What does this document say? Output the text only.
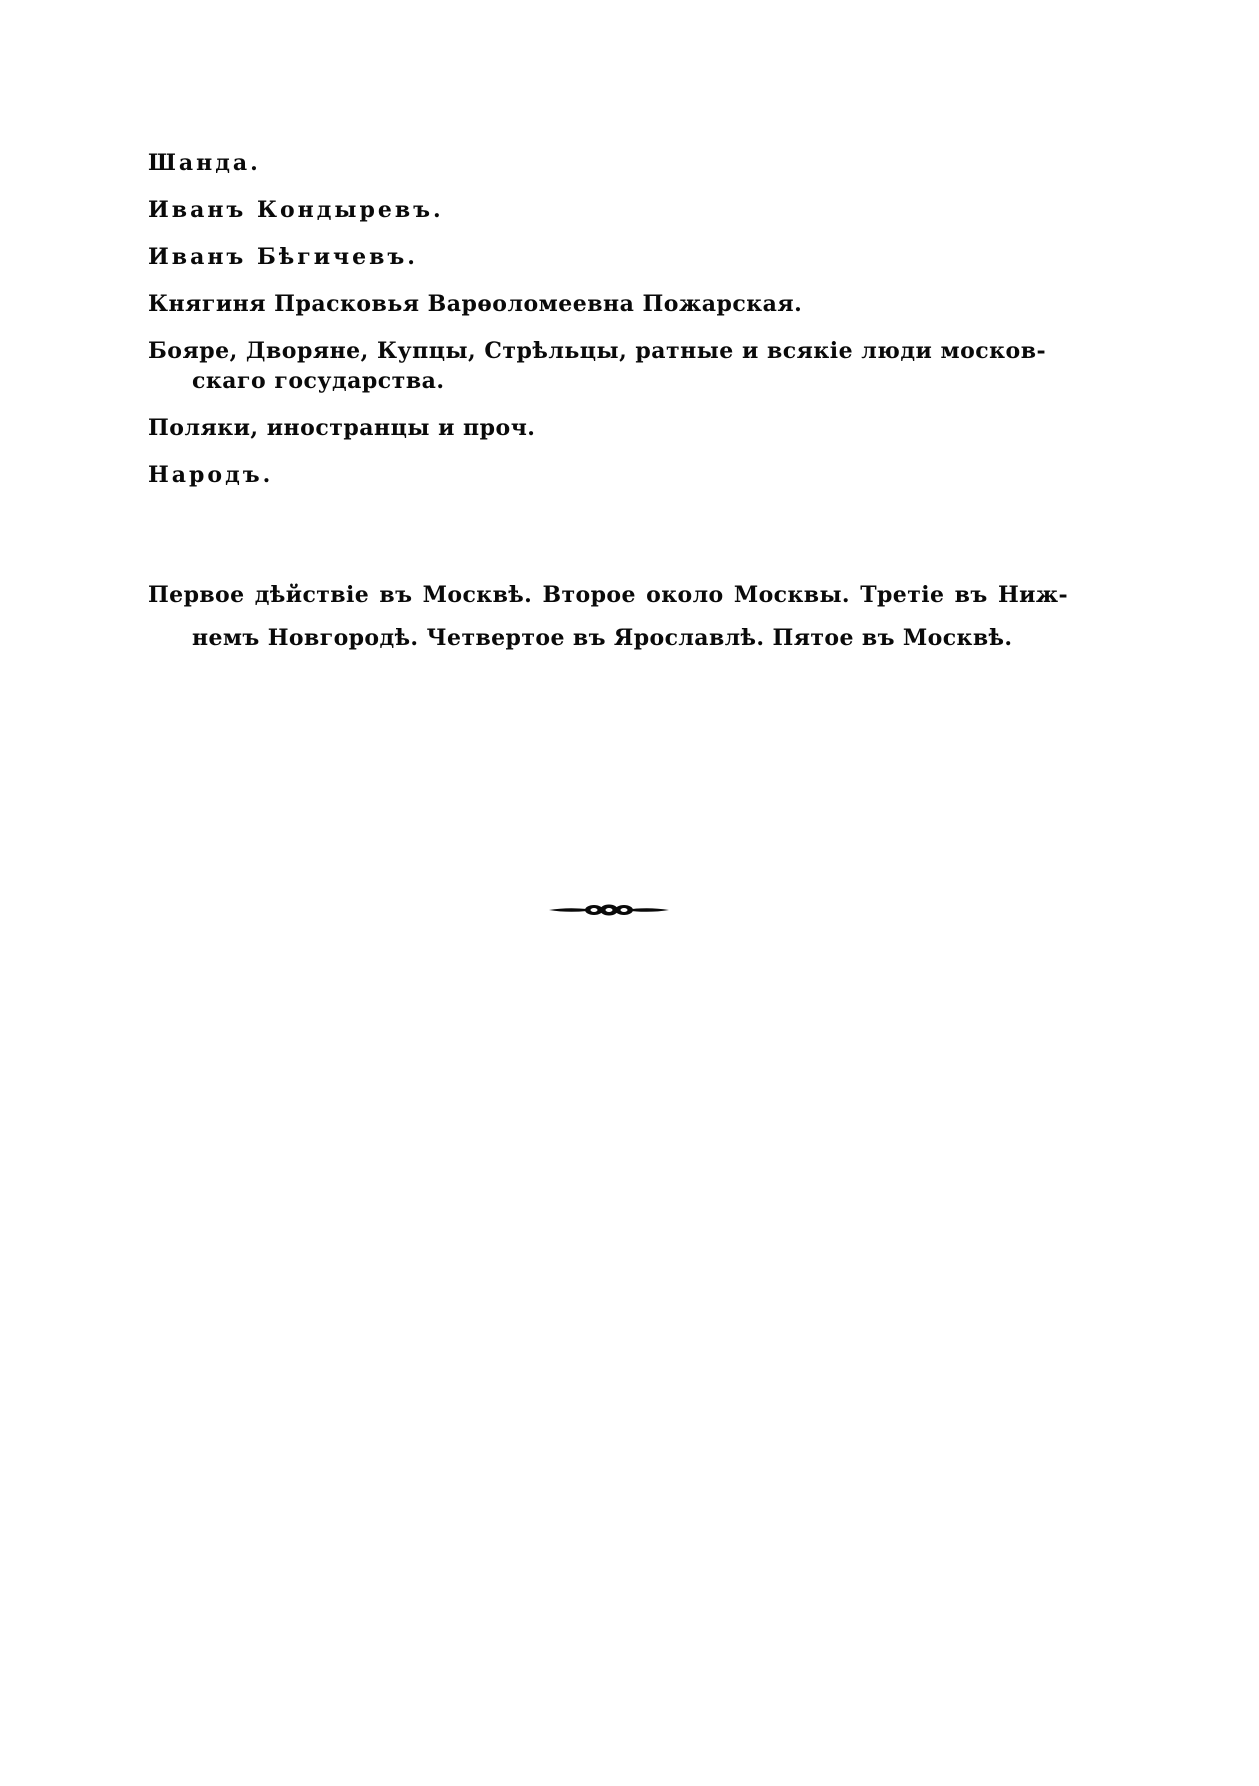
Шанда.
Иванъ Кондыревъ.
Иванъ Бѣгичевъ.
Княгиня Прасковья Варѳоломеевна Пожарская.
Бояре, Дворяне, Купцы, Стрѣльцы, ратные и всякіе люди москов-
скаго государства.
Поляки, иностранцы и проч.
Народъ.
Первое дѣйствіе въ Москвѣ. Второе около Москвы. Третіе въ Ниж-
немъ Новгородѣ. Четвертое въ Ярославлѣ. Пятое въ Москвѣ.
